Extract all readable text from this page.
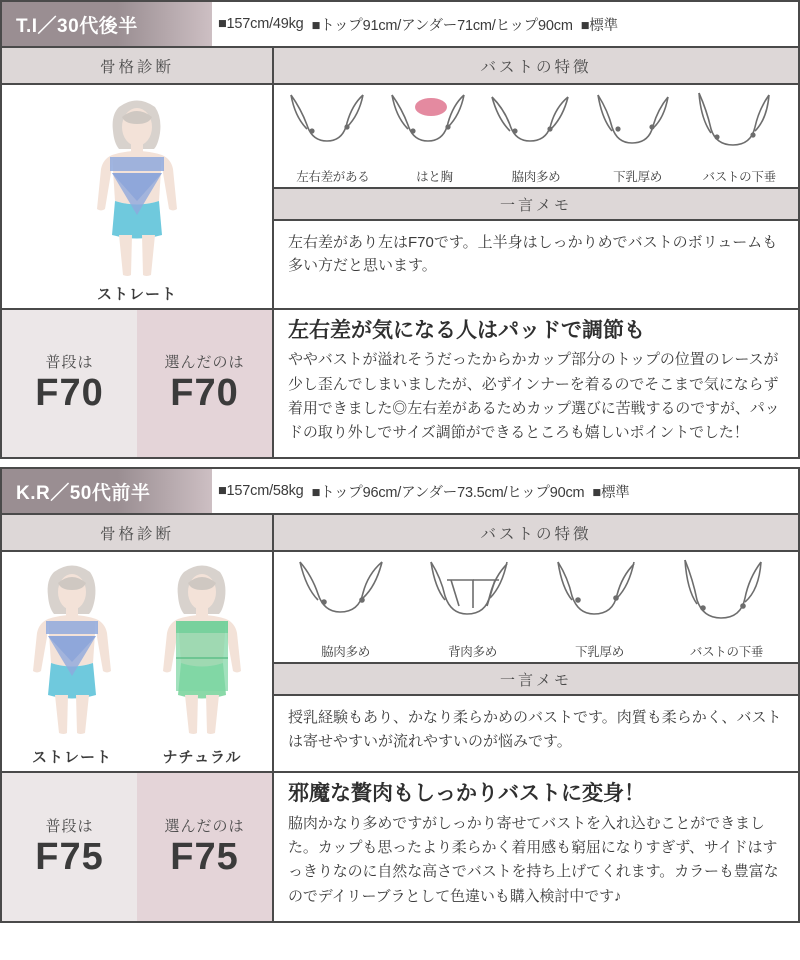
T.I／30代後半	■157cm/49kg ■トップ91cm/アンダー71cm/ヒップ90cm ■標準
骨格診断	バストの特徴
ストレート
左右差がある	はと胸	脇肉多め	下乳厚め	バストの下垂
一言メモ
左右差があり左はF70です。上半身はしっかりめでバストのボリュームも多い方だと思います。
普段は
F70
選んだのは
F70
左右差が気になる人はパッドで調節も

ややバストが溢れそうだったからかカップ部分のトップの位置のレースが少し歪んでしまいましたが、必ずインナーを着るのでそこまで気にならず着用できました◎左右差があるためカップ選びに苦戦するのですが、パッドの取り外しでサイズ調節ができるところも嬉しいポイントでした！

K.R／50代前半	■157cm/58kg ■トップ96cm/アンダー73.5cm/ヒップ90cm ■標準
骨格診断	バストの特徴
ストレート	ナチュラル
脇肉多め	背肉多め	下乳厚め	バストの下垂
一言メモ
授乳経験もあり、かなり柔らかめのバストです。肉質も柔らかく、バストは寄せやすいが流れやすいのが悩みです。
普段は
F75
選んだのは
F75
邪魔な贅肉もしっかりバストに変身！

脇肉かなり多めですがしっかり寄せてバストを入れ込むことができました。カップも思ったより柔らかく着用感も窮屈になりすぎず、サイドはすっきりなのに自然な高さでバストを持ち上げてくれます。カラーも豊富なのでデイリーブラとして色違いも購入検討中です♪
